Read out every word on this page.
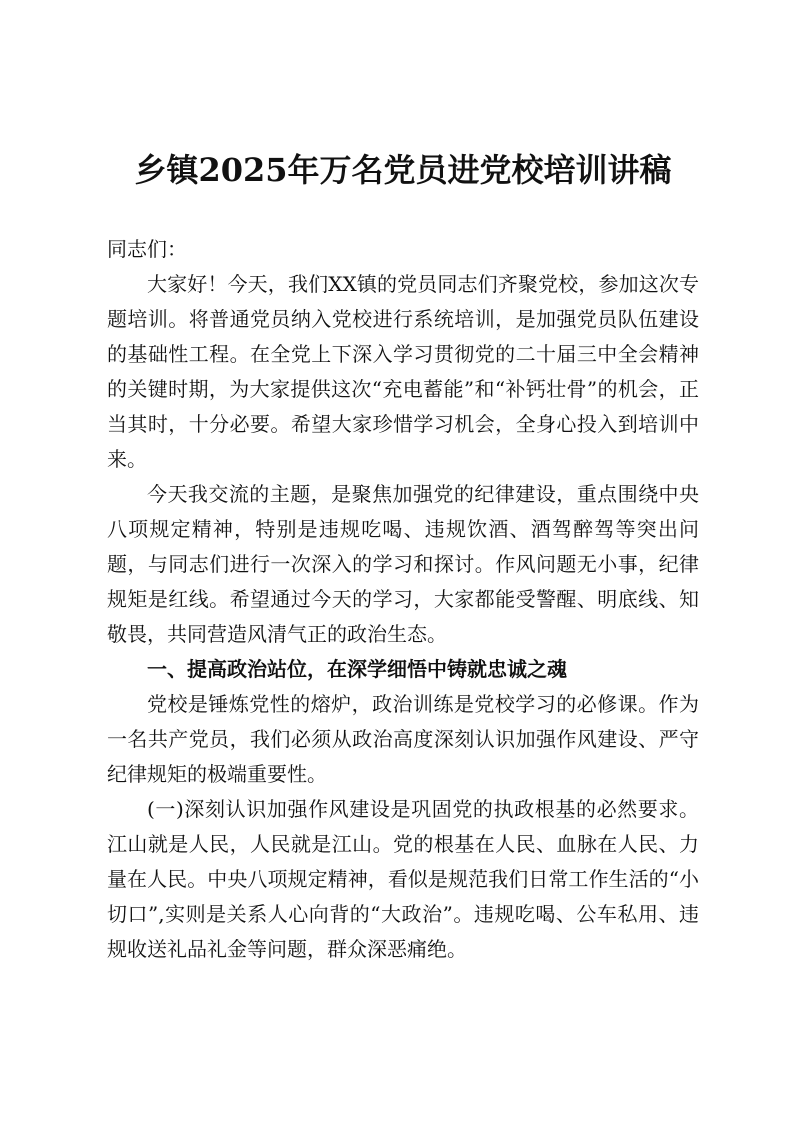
乡镇2025年万名党员进党校培训讲稿

同志们：

大家好！今天，我们XX镇的党员同志们齐聚党校，参加这次专题培训。将普通党员纳入党校进行系统培训，是加强党员队伍建设的基础性工程。在全党上下深入学习贯彻党的二十届三中全会精神的关键时期，为大家提供这次“充电蓄能”和“补钙壮骨”的机会，正当其时，十分必要。希望大家珍惜学习机会，全身心投入到培训中来。

今天我交流的主题，是聚焦加强党的纪律建设，重点围绕中央八项规定精神，特别是违规吃喝、违规饮酒、酒驾醉驾等突出问题，与同志们进行一次深入的学习和探讨。作风问题无小事，纪律规矩是红线。希望通过今天的学习，大家都能受警醒、明底线、知敬畏，共同营造风清气正的政治生态。

一、提高政治站位，在深学细悟中铸就忠诚之魂

党校是锤炼党性的熔炉，政治训练是党校学习的必修课。作为一名共产党员，我们必须从政治高度深刻认识加强作风建设、严守纪律规矩的极端重要性。

(一)深刻认识加强作风建设是巩固党的执政根基的必然要求。江山就是人民，人民就是江山。党的根基在人民、血脉在人民、力量在人民。中央八项规定精神，看似是规范我们日常工作生活的“小切口”,实则是关系人心向背的“大政治”。违规吃喝、公车私用、违规收送礼品礼金等问题，群众深恶痛绝。
